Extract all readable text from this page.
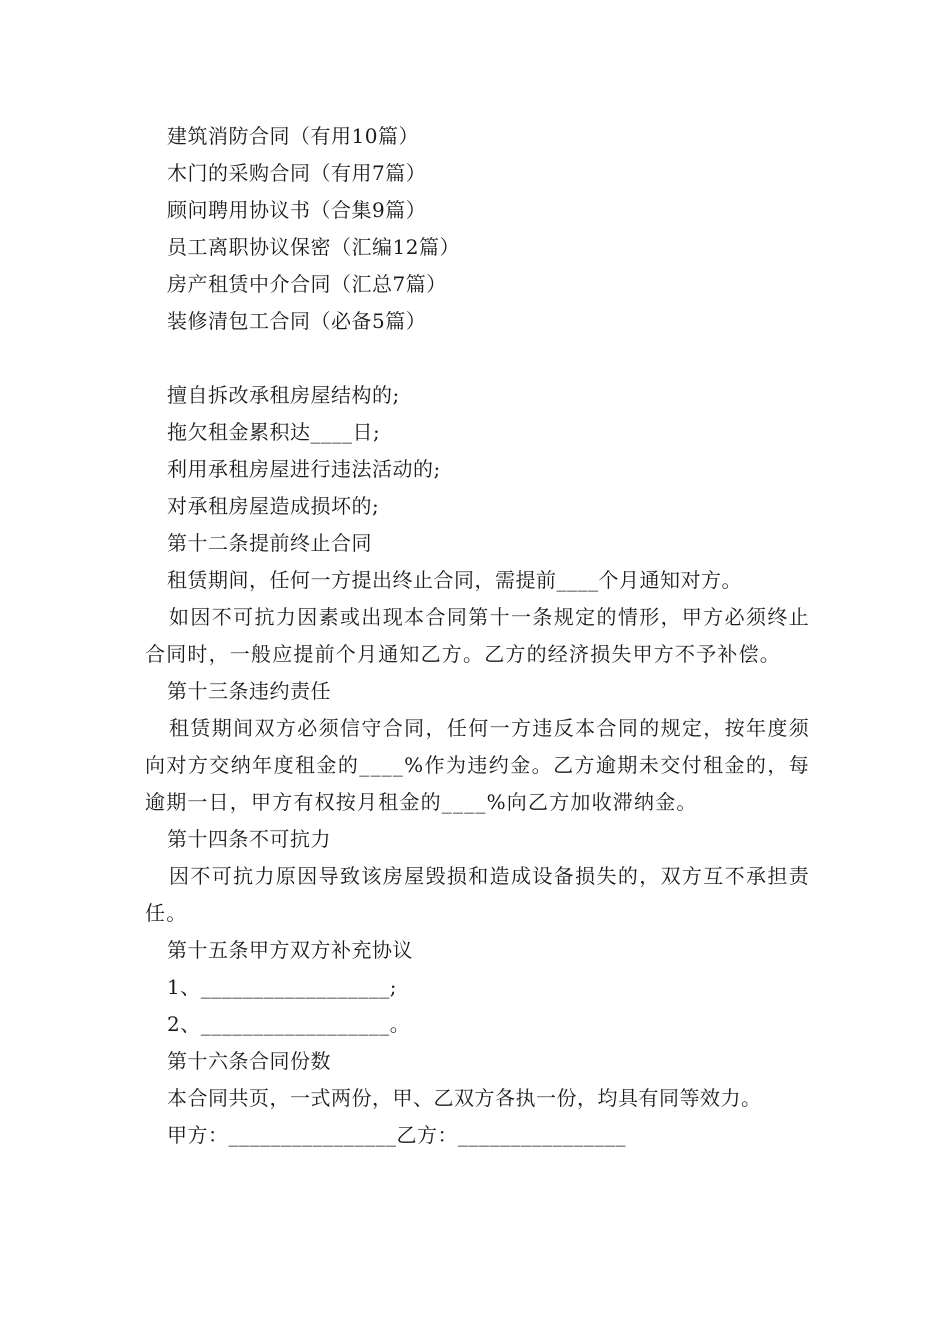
建筑消防合同（有用10篇）
木门的采购合同（有用7篇）
顾问聘用协议书（合集9篇）
员工离职协议保密（汇编12篇）
房产租赁中介合同（汇总7篇）
装修清包工合同（必备5篇）
擅自拆改承租房屋结构的;
拖欠租金累积达____日;
利用承租房屋进行违法活动的;
对承租房屋造成损坏的;
第十二条提前终止合同
租赁期间，任何一方提出终止合同，需提前____个月通知对方。

如因不可抗力因素或出现本合同第十一条规定的情形，甲方必须终止合同时，一般应提前个月通知乙方。乙方的经济损失甲方不予补偿。

第十三条违约责任

租赁期间双方必须信守合同，任何一方违反本合同的规定，按年度须向对方交纳年度租金的____%作为违约金。乙方逾期未交付租金的，每逾期一日，甲方有权按月租金的____%向乙方加收滞纳金。

第十四条不可抗力

因不可抗力原因导致该房屋毁损和造成设备损失的，双方互不承担责任。

第十五条甲方双方补充协议
1、__________________;
2、__________________。
第十六条合同份数
本合同共页，一式两份，甲、乙双方各执一份，均具有同等效力。
甲方：________________乙方：________________
